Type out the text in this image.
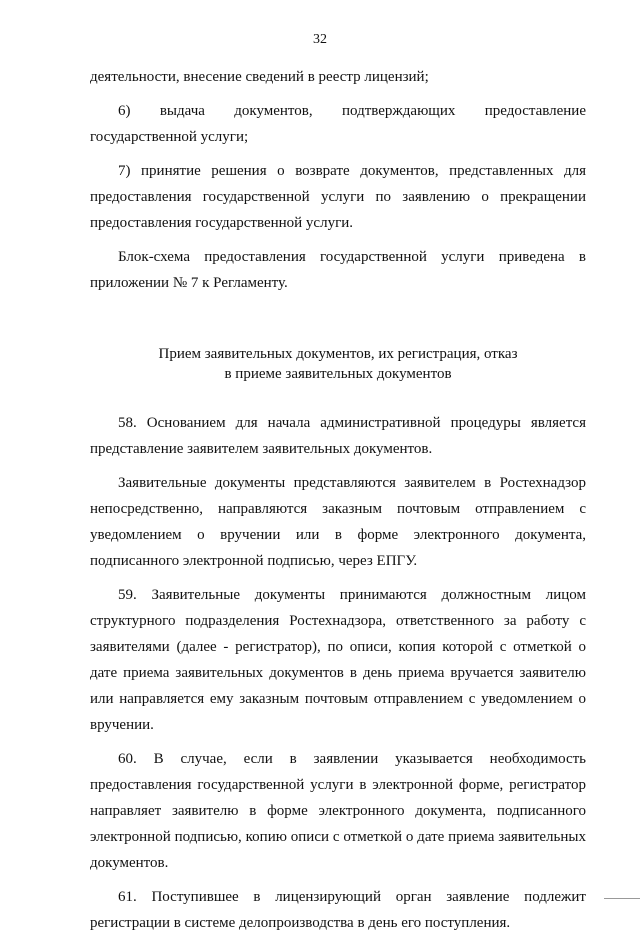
32

деятельности, внесение сведений в реестр лицензий;

6) выдача документов, подтверждающих предоставление государственной услуги;

7) принятие решения о возврате документов, представленных для предоставления государственной услуги по заявлению о прекращении предоставления государственной услуги.

Блок-схема предоставления государственной услуги приведена в приложении № 7 к Регламенту.

Прием заявительных документов, их регистрация, отказ
в приеме заявительных документов

58. Основанием для начала административной процедуры является представление заявителем заявительных документов.

Заявительные документы представляются заявителем в Ростехнадзор непосредственно, направляются заказным почтовым отправлением с уведомлением о вручении или в форме электронного документа, подписанного электронной подписью, через ЕПГУ.

59. Заявительные документы принимаются должностным лицом структурного подразделения Ростехнадзора, ответственного за работу с заявителями (далее - регистратор), по описи, копия которой с отметкой о дате приема заявительных документов в день приема вручается заявителю или направляется ему заказным почтовым отправлением с уведомлением о вручении.

60. В случае, если в заявлении указывается необходимость предоставления государственной услуги в электронной форме, регистратор направляет заявителю в форме электронного документа, подписанного электронной подписью, копию описи с отметкой о дате приема заявительных документов.

61. Поступившее в лицензирующий орган заявление подлежит регистрации в системе делопроизводства в день его поступления.
